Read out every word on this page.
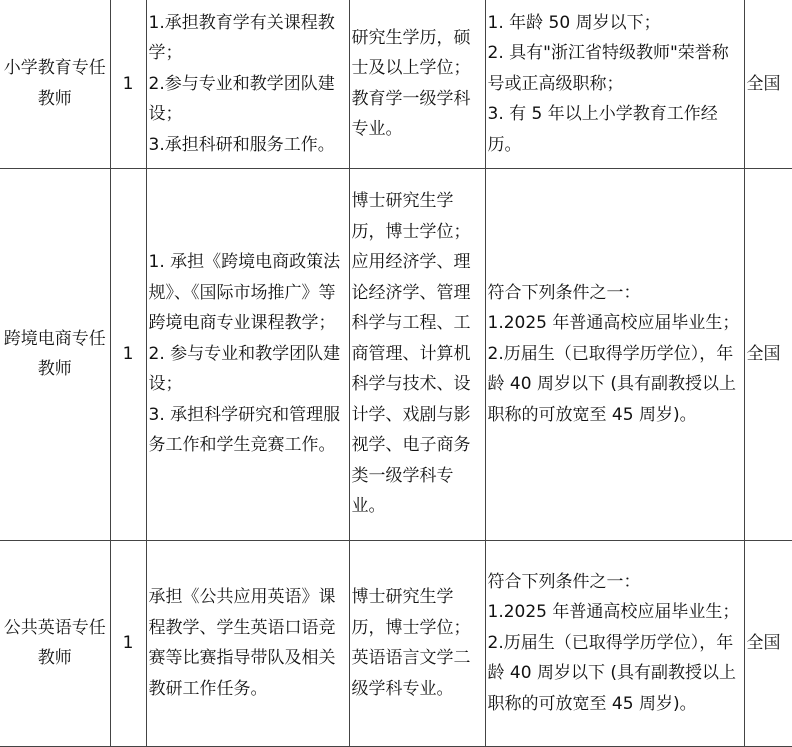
小学教育专任教师	1	1.承担教育学有关课程教学；
2.参与专业和教学团队建设；
3.承担科研和服务工作。	研究生学历，硕士及以上学位；教育学一级学科专业。	1. 年龄 50 周岁以下；
2. 具有"浙江省特级教师"荣誉称号或正高级职称；
3. 有 5 年以上小学教育工作经历。	全国
跨境电商专任教师	1	1. 承担《跨境电商政策法规》、《国际市场推广》等跨境电商专业课程教学；
2. 参与专业和教学团队建设；
3. 承担科学研究和管理服务工作和学生竞赛工作。	博士研究生学历，博士学位；应用经济学、理论经济学、管理科学与工程、工商管理、计算机科学与技术、设计学、戏剧与影视学、电子商务类一级学科专业。	符合下列条件之一：
1.2025 年普通高校应届毕业生；
2.历届生（已取得学历学位），年龄 40 周岁以下 (具有副教授以上职称的可放宽至 45 周岁)。	全国
公共英语专任教师	1	承担《公共应用英语》课程教学、学生英语口语竞赛等比赛指导带队及相关教研工作任务。	博士研究生学历，博士学位；英语语言文学二级学科专业。	符合下列条件之一：
1.2025 年普通高校应届毕业生；
2.历届生（已取得学历学位），年龄 40 周岁以下 (具有副教授以上职称的可放宽至 45 周岁)。	全国
